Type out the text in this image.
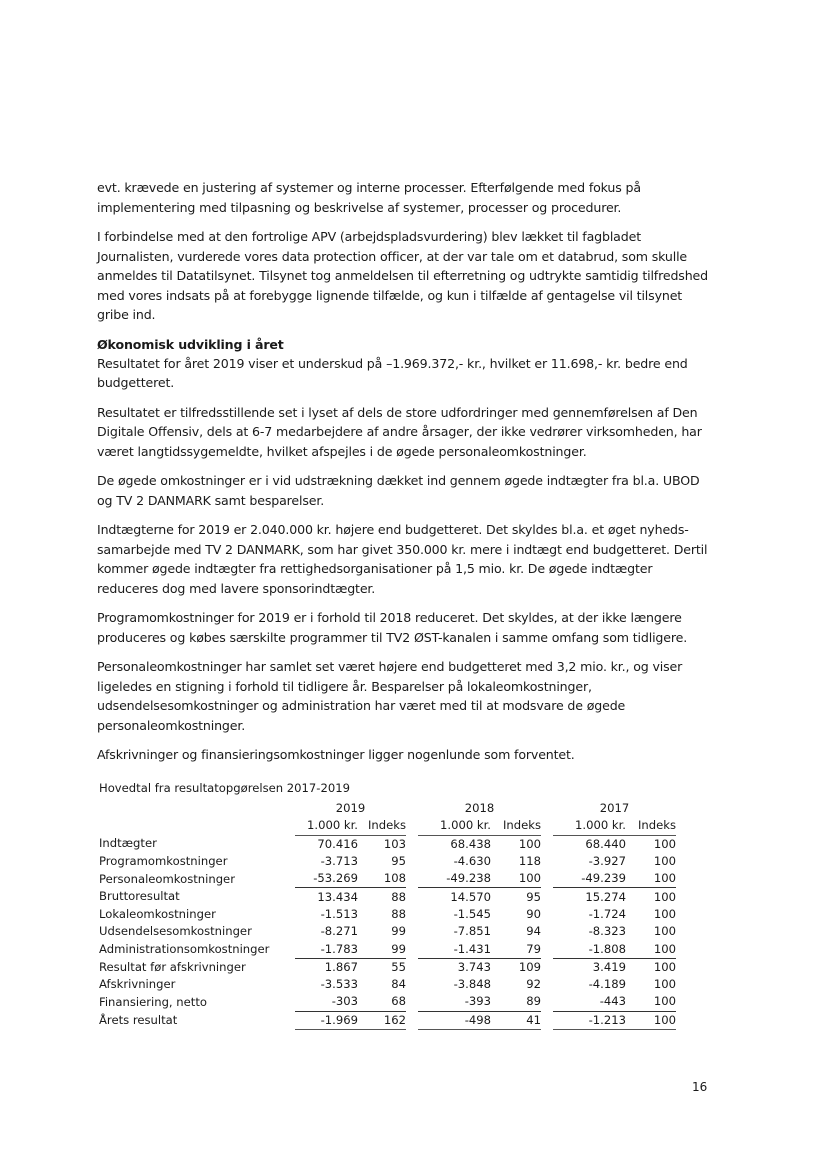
evt. krævede en justering af systemer og interne processer. Efterfølgende med fokus på implementering med tilpasning og beskrivelse af systemer, processer og procedurer.

I forbindelse med at den fortrolige APV (arbejdspladsvurdering) blev lækket til fagbladet Journalisten, vurderede vores data protection officer, at der var tale om et databrud, som skulle anmeldes til Datatilsynet. Tilsynet tog anmeldelsen til efterretning og udtrykte samtidig tilfredshed med vores indsats på at forebygge lignende tilfælde, og kun i tilfælde af gentagelse vil tilsynet gribe ind.

Økonomisk udvikling i året

Resultatet for året 2019 viser et underskud på –1.969.372,- kr., hvilket er 11.698,- kr. bedre end budgetteret.

Resultatet er tilfredsstillende set i lyset af dels de store udfordringer med gennemførelsen af Den Digitale Offensiv, dels at 6-7 medarbejdere af andre årsager, der ikke vedrører virksomheden, har været langtidssygemeldte, hvilket afspejles i de øgede personaleomkostninger.

De øgede omkostninger er i vid udstrækning dækket ind gennem øgede indtægter fra bl.a. UBOD og TV 2 DANMARK samt besparelser.

Indtægterne for 2019 er 2.040.000 kr. højere end budgetteret. Det skyldes bl.a. et øget nyheds-samarbejde med TV 2 DANMARK, som har givet 350.000 kr. mere i indtægt end budgetteret. Dertil kommer øgede indtægter fra rettighedsorganisationer på 1,5 mio. kr. De øgede indtægter reduceres dog med lavere sponsorindtægter.

Programomkostninger for 2019 er i forhold til 2018 reduceret. Det skyldes, at der ikke længere produceres og købes særskilte programmer til TV2 ØST-kanalen i samme omfang som tidligere.

Personaleomkostninger har samlet set været højere end budgetteret med 3,2 mio. kr., og viser ligeledes en stigning i forhold til tidligere år. Besparelser på lokaleomkostninger, udsendelsesomkostninger og administration har været med til at modsvare de øgede personaleomkostninger.

Afskrivninger og finansieringsomkostninger ligger nogenlunde som forventet.

Hovedtal fra resultatopgørelsen 2017-2019
	2019			2018			2017	
	1.000 kr.	Indeks		1.000 kr.	Indeks		1.000 kr.	Indeks
Indtægter	70.416	103		68.438	100		68.440	100
Programomkostninger	-3.713	95		-4.630	118		-3.927	100
Personaleomkostninger	-53.269	108		-49.238	100		-49.239	100
Bruttoresultat	13.434	88		14.570	95		15.274	100
Lokaleomkostninger	-1.513	88		-1.545	90		-1.724	100
Udsendelsesomkostninger	-8.271	99		-7.851	94		-8.323	100
Administrationsomkostninger	-1.783	99		-1.431	79		-1.808	100
Resultat før afskrivninger	1.867	55		3.743	109		3.419	100
Afskrivninger	-3.533	84		-3.848	92		-4.189	100
Finansiering, netto	-303	68		-393	89		-443	100
Årets resultat	-1.969	162		-498	41		-1.213	100
16
